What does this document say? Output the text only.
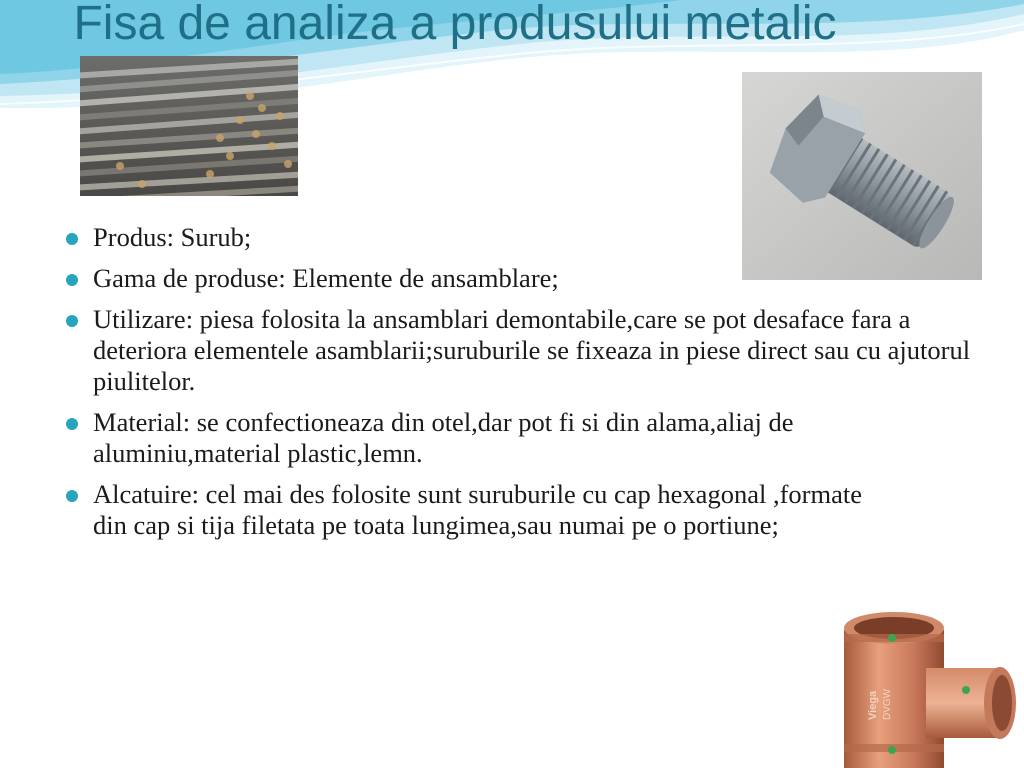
Fisa de analiza a produsului metalic
Viega DVGW
Produs: Surub;
Gama de produse: Elemente de ansamblare;
Utilizare: piesa folosita la ansamblari demontabile,care se pot desaface fara a deteriora elementele asamblarii;suruburile se fixeaza in piese direct sau cu ajutorul piulitelor.
Material: se confectioneaza din otel,dar pot fi si din alama,aliaj de aluminiu,material plastic,lemn.
Alcatuire: cel mai des folosite sunt suruburile cu cap hexagonal ,formate din cap si tija filetata pe toata lungimea,sau numai pe o portiune;
